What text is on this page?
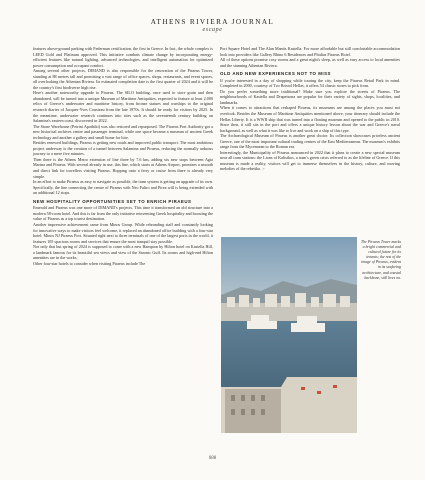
ATHENS RIVIERA JOURNAL
escape

features above-ground parking with Federman certification, the first in Greece. In fact, the whole complex is LEED Gold and Platinum approved. This initiative combats climate change by incorporating energy-efficient features like natural lighting, advanced technologies, and intelligent automation for optimized power consumption and occupant comfort.

Among several other projects, DIMAND is also responsible for the renovation of the Piraeus Tower, standing at 88 metres tall and promising a vast range of office spaces, shops, restaurants, and event spaces, all overlooking the Athenian Riviera. Its estimated completion date is the first quarter of 2024 and it will be the country's first biodiverse high rise.

Here's another noteworthy upgrade to Piraeus. The SILO building, once used to store grain and then abandoned, will be turned into a unique Museum of Maritime Antiquities, expected to feature at least 2,000 relics of Greece's underwater and maritime history, from bronze statues and warships to the original research diaries of Jacques-Yves Cousteau from the late 1970s. It should be ready for visitors by 2025. In the meantime, underwater research continues into sites such as the seventeenth century building on Salamina's eastern coast, discovered in 2022.

The Stone Warehouse (Petrini Apothiki) was also restored and repurposed. The Piraeus Port Authority got a new historical archives centre and passenger terminal, while one space became a museum of ancient Greek technology and another a gallery and small home for hire.

Besides renewed buildings, Piraeus is getting new roads and improved public transport. The most ambitious project underway is the creation of a tunnel between Salamina and Piraeus, reducing the normally arduous journey to a mere five minutes.

Then there is the Athens Metro extension of line three by 7.6 km, adding six new stops between Agia Marina and Piraeus. With several already in use, this line, which starts at Athens Airport, promises a smooth and direct link for travellers visiting Piraeus. Hopping onto a ferry or cruise from there is already very simple.

In an effort to make Piraeus as easy to navigate as possible, the tram system is getting an upgrade of its own. Specifically, the line connecting the centre of Piraeus with Neo Faliro and Pirea will is being extended with an additional 12 stops.

NEW HOSPITALITY OPPORTUNITIES SET TO ENRICH PIRAEUS

Emerald and Piraeus was one more of DIMAND's projects. This time it transformed an old structure into a modern 58-room hotel. And this is far from the only initiative reinventing Greek hospitality and boosting the value of Piraeus as a top tourist destination.

Another impressive achievement came from Minos Group. While rebranding staff and constantly looking for innovative ways to make visitors feel welcome, it replaced an abandoned office building with a four-star hotel: Minos NJ Piraeus Port. Situated right next to three terminals of one of the largest ports in the world, it features 105 spacious rooms and services that ensure the most tranquil stay possible.

Not only that but spring of 2024 is supposed to come with a new Hampton by Hilton hotel on Kastella Hill, a landmark famous for its beautiful sea views and view of the Saronic Gulf. Its rooms and high-end Hilton amenities are in the works.

Other four-star hotels to consider when visiting Piraeus include The

Port Square Hotel and The Alan Mantis Kastella. For more affordable but still comfortable accommodation look into providers like Gallery Rhino 6 Residences and Phidias Piraeus Hotel.

All of these options promise cosy rooms and a great night's sleep, as well as easy access to local amenities and the stunning Athenian Riviera.

OLD AND NEW EXPERIENCES NOT TO MISS

If you're interested in a day of shopping while touring the city, keep the Piraeus Retail Park in mind. Completed in 2000, courtesy of Tzo Bristol Hellas, it offers 54 classic stores to pick from.

Do you prefer something more traditional? Make sure you explore the streets of Piraeus. The neighbourhoods of Kastella and Drapetsona are popular for their variety of sights, shops, localities, and landmarks.

When it comes to attractions that reshaped Piraeus, its museums are among the places you must not overlook. Besides the Museum of Maritime Antiquities mentioned above, your itinerary should include the Hellas Liberty. It is a WWII ship that was turned into a floating museum and opened to the public in 2010. Since then, it still sits in the port and offers a unique history lesson about the war and Greece's naval background, as well as what it was like to live and work on a ship of this type.

The Archaeological Museum of Piraeus is another great choice. Its collection showcases priceless ancient Greece, one of the most important cultural trading centres of the East Mediterranean. The museum's exhibits range from the Mycenaean to the Roman era.

Interestingly, the Municipality of Piraeus announced in 2022 that it plans to create a new special museum near all tram stations: the Lions of Kaltsikos, a tram's green crisis referred to as the lifeline of Greece. If this museum is made a reality, visitors will get to immerse themselves in the history, culture, and moving melodies of the rebetiko. >

The Piraeus Tower marks a bright commercial and cultural future for its tenants; the rest of the image of Piraeus, evident in its seafaring architecture, and coastal backbone, still lives on.
088
